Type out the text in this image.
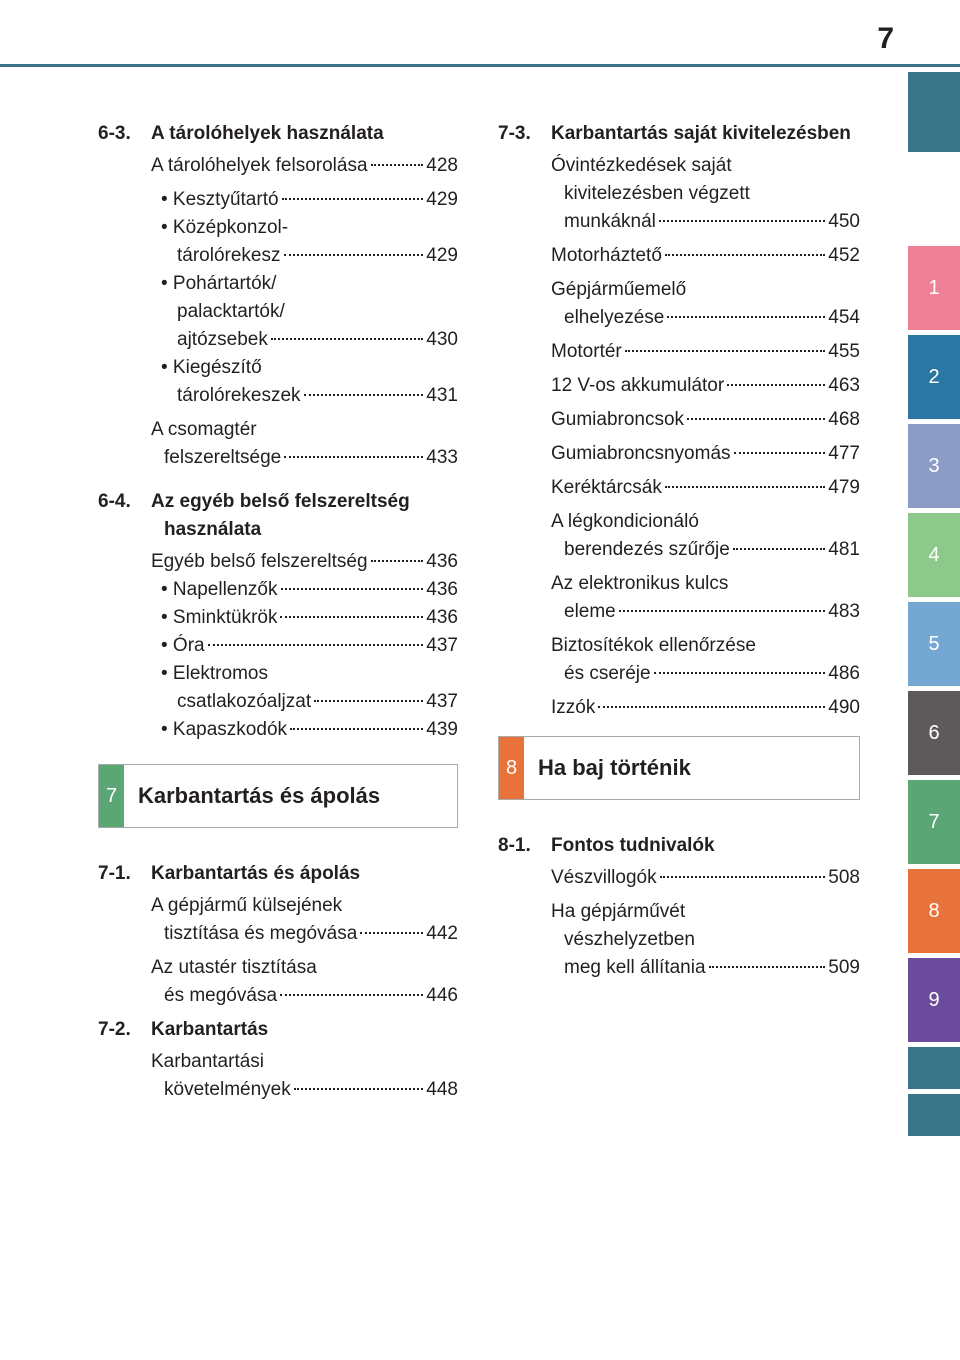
7
1
2
3
4
5
6
7
8
9
6-3.	A tárolóhelyek használata
A tárolóhelyek felsorolása	428
• Kesztyűtartó	429
• Középkonzol-
tárolórekesz	429
• Pohártartók/
palacktartók/
ajtózsebek	430
• Kiegészítő
tárolórekeszek	431
A csomagtér
felszereltsége	433
6-4.	Az egyéb belső felszereltség
használata
Egyéb belső felszereltség	436
• Napellenzők	436
• Sminktükrök	436
• Óra	437
• Elektromos
csatlakozóaljzat	437
• Kapaszkodók	439
7 Karbantartás és ápolás
7-1.	Karbantartás és ápolás
A gépjármű külsejének
tisztítása és megóvása	442
Az utastér tisztítása
és megóvása	446
7-2.	Karbantartás
Karbantartási
követelmények	448
7-3.	Karbantartás saját kivitelezésben
Óvintézkedések saját
kivitelezésben végzett
munkáknál	450
Motorháztető	452
Gépjárműemelő
elhelyezése	454
Motortér	455
12 V-os akkumulátor	463
Gumiabroncsok	468
Gumiabroncsnyomás	477
Keréktárcsák	479
A légkondicionáló
berendezés szűrője	481
Az elektronikus kulcs
eleme	483
Biztosítékok ellenőrzése
és cseréje	486
Izzók	490
8 Ha baj történik
8-1.	Fontos tudnivalók
Vészvillogók	508
Ha gépjárművét
vészhelyzetben
meg kell állítania	509
